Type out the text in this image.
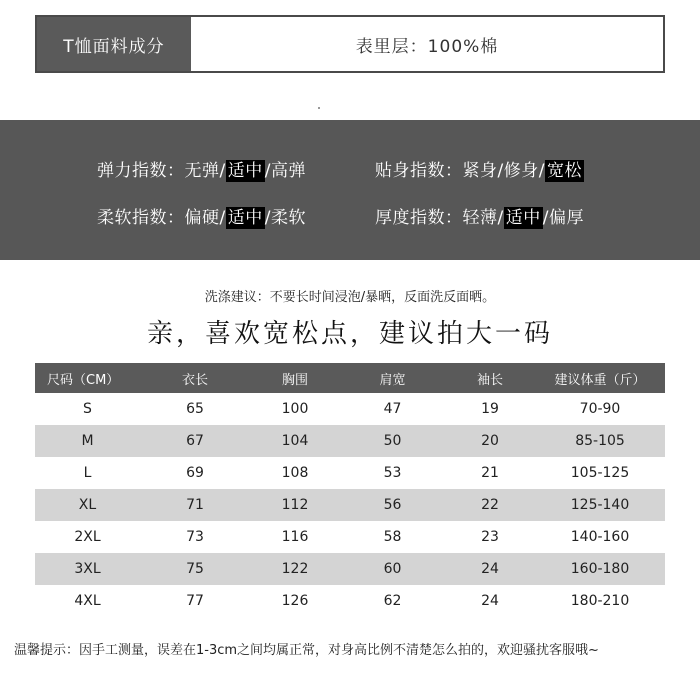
T恤面料成分	表里层：100%棉
弹力指数：无弹/ 适中 /高弹	贴身指数：紧身/修身/ 宽松
柔软指数：偏硬/ 适中 /柔软	厚度指数：轻薄/ 适中 /偏厚
洗涤建议：不要长时间浸泡/暴晒，反面洗反面晒。
亲，喜欢宽松点，建议拍大一码
尺码（CM）	衣长	胸围	肩宽	袖长	建议体重（斤）
S	65	100	47	19	70-90
M	67	104	50	20	85-105
L	69	108	53	21	105-125
XL	71	112	56	22	125-140
2XL	73	116	58	23	140-160
3XL	75	122	60	24	160-180
4XL	77	126	62	24	180-210
温馨提示：因手工测量，误差在1-3cm之间均属正常，对身高比例不清楚怎么拍的，欢迎骚扰客服哦~
